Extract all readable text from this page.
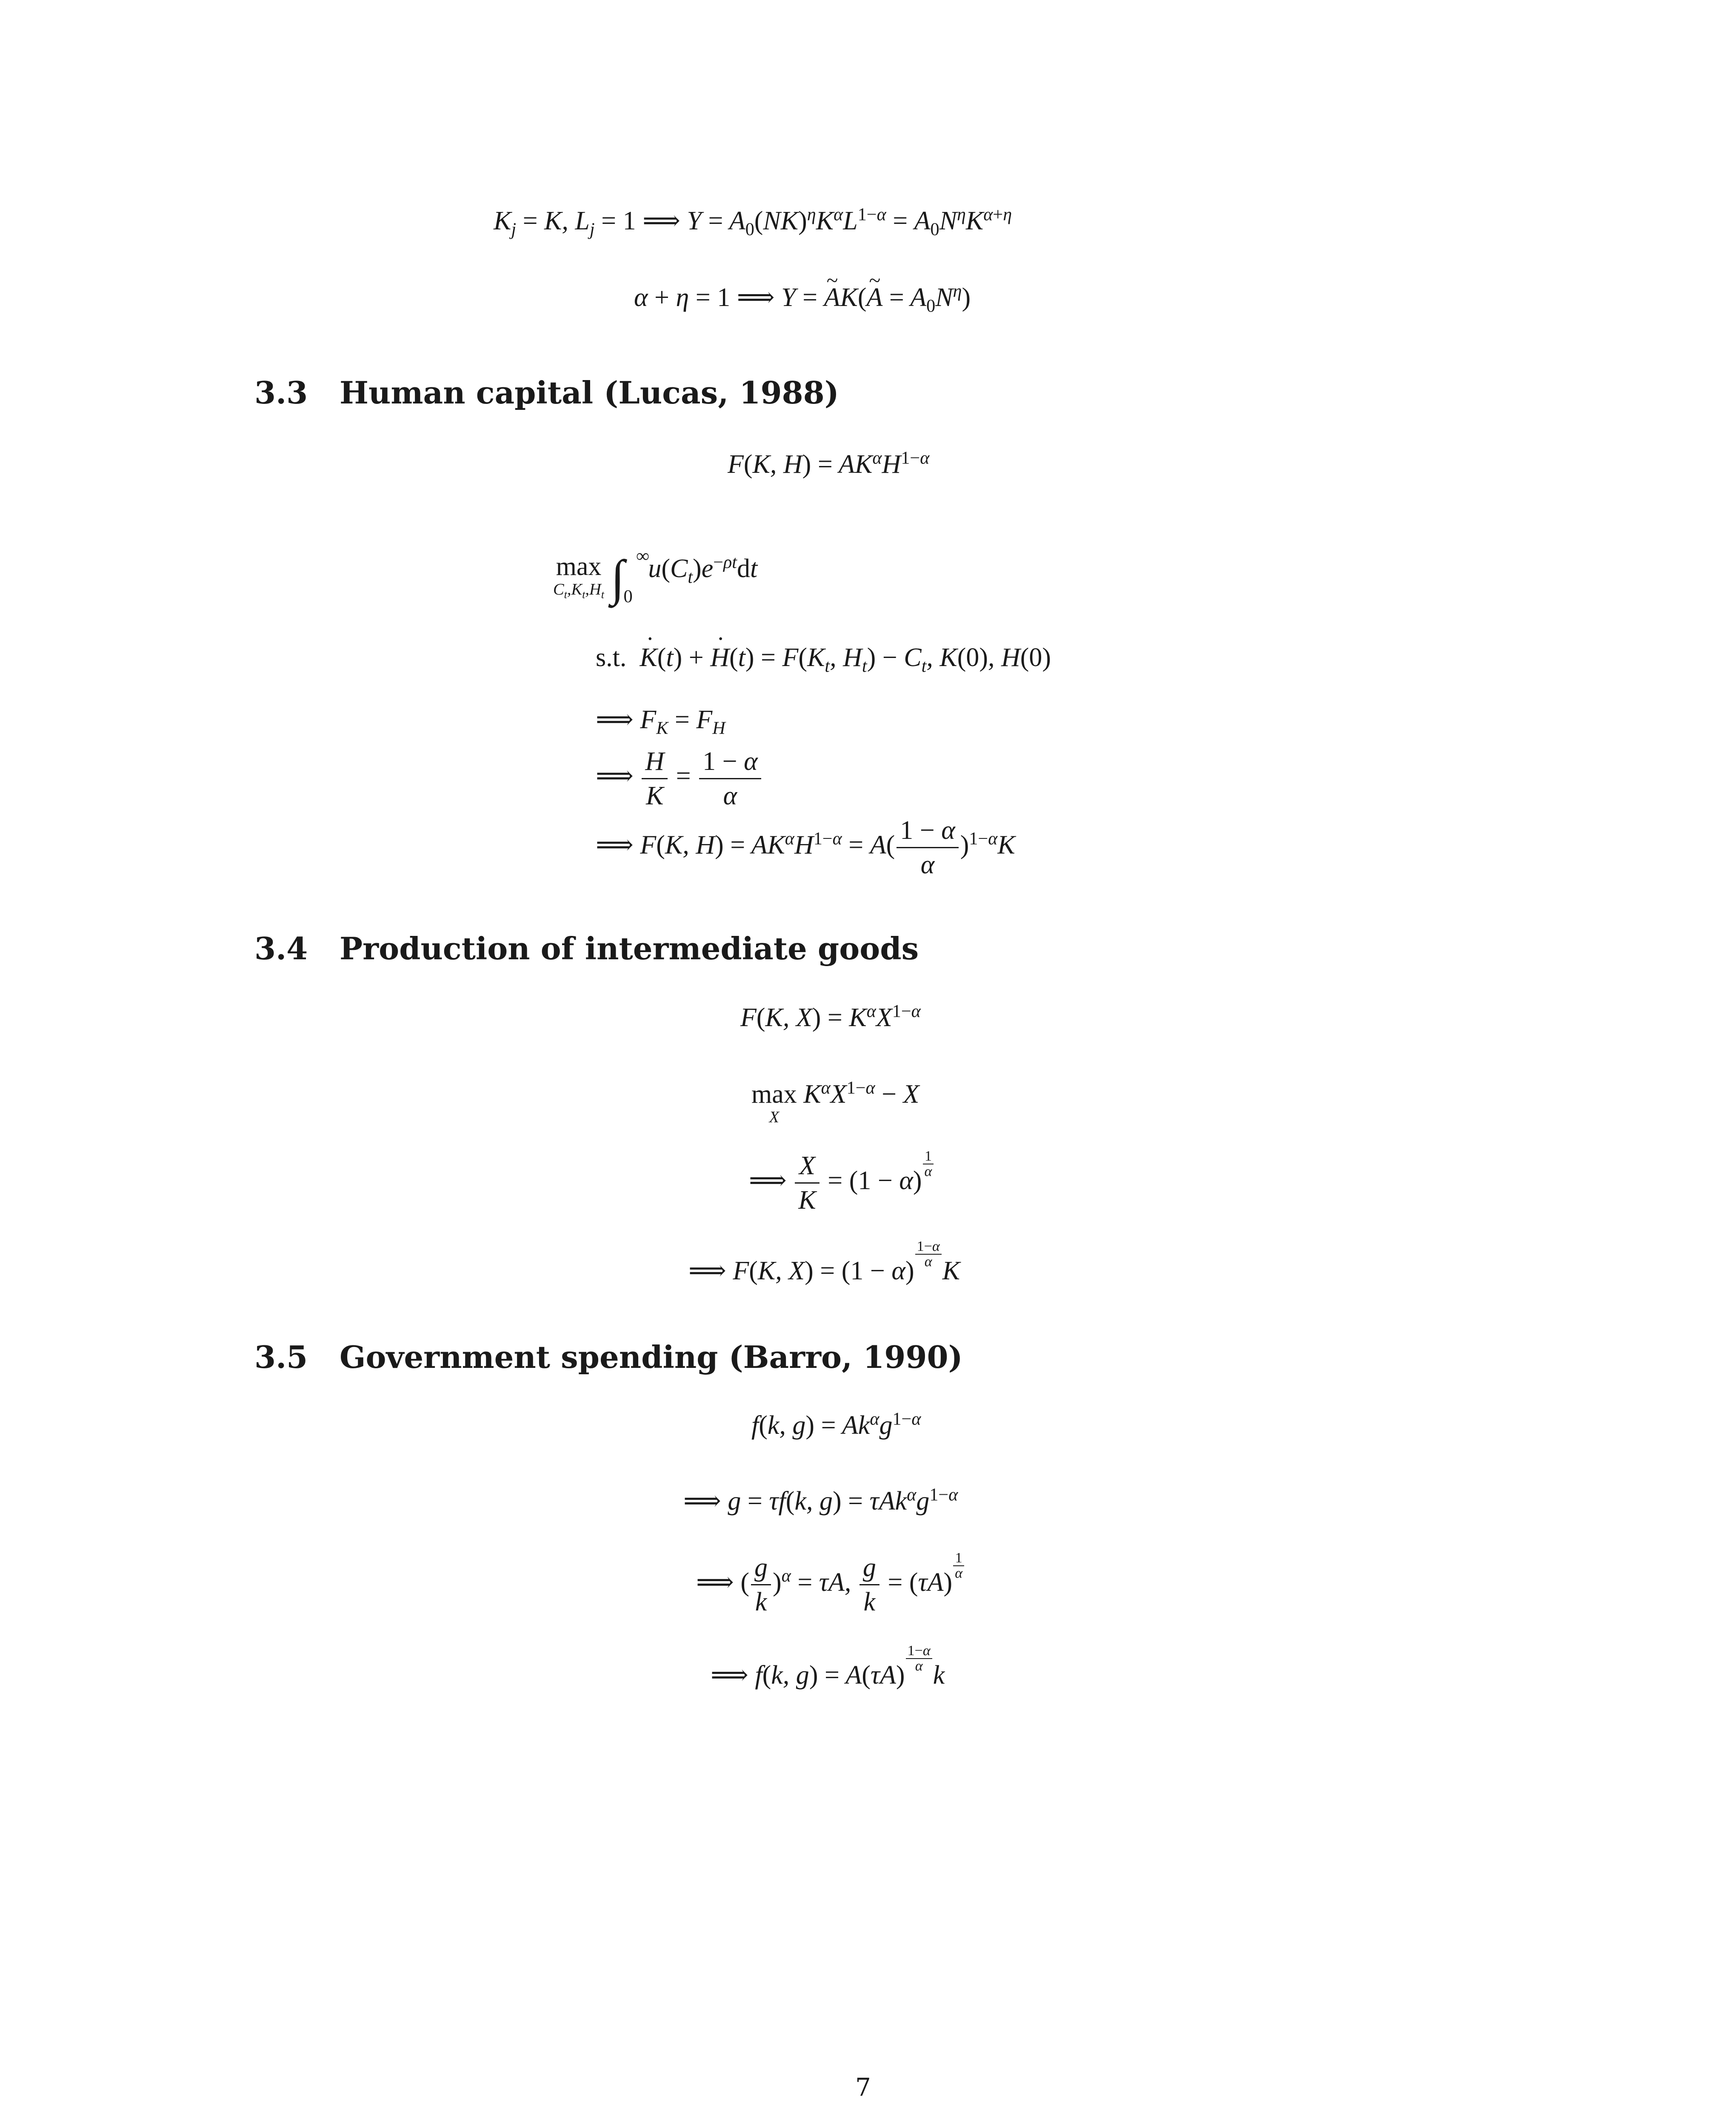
$K_j = K$, $L_j = 1$ ⟹ $Y = A_0(NK)^\eta K^\alpha L^{1-\alpha} = A_0N^\eta K^{\alpha+\eta}$
α + η = 1 ⟹ Y = A ~K(A ~ = $A_0N^\eta$)
3.3 Human capital (Lucas, 1988)
F(K, $H) = AK^\alpha H^{1-\alpha}$
max
$C_t,K_t,H_t$ ∫ ∞
0
$u(C_t)e^{-\rho t}dt$
s.t.  K ˙(t) + H ˙(t) = $F(K_t$, $H_t) - C_t$, K(0), H(0)
⟹ $F_K = F_H$
⟹ $\frac{H}{K} = \frac{1 - \alpha}{\alpha}$
⟹ F(K, $H) = AK^\alpha H^{1-\alpha} = A( \frac{1 - \alpha}{\alpha} )^{1-\alpha}K$
3.4 Production of intermediate goods
F(K, $X) = K^\alpha X^{1-\alpha}$
max
X
$K^\alpha X^{1-\alpha} - X$
⟹ $\frac{X}{K} = (1 - \alpha)$
$\frac{1}{\alpha}$
⟹ F(K, X) = (1 − α)
$\frac{1-\alpha}{\alpha}$
K
3.5 Government spending (Barro, 1990)
f(k, $g) = Ak^\alpha g^{1-\alpha}$
⟹ g = τf(k, $g) = \tau Ak^\alpha g^{1-\alpha}$
⟹ ( $\frac{g}{k} )^\alpha = \tau A$, $\frac{g}{k} = (\tau A)$
$\frac{1}{\alpha}$
⟹ f(k, g) = A(τA)
$\frac{1-\alpha}{\alpha}$
k
7
